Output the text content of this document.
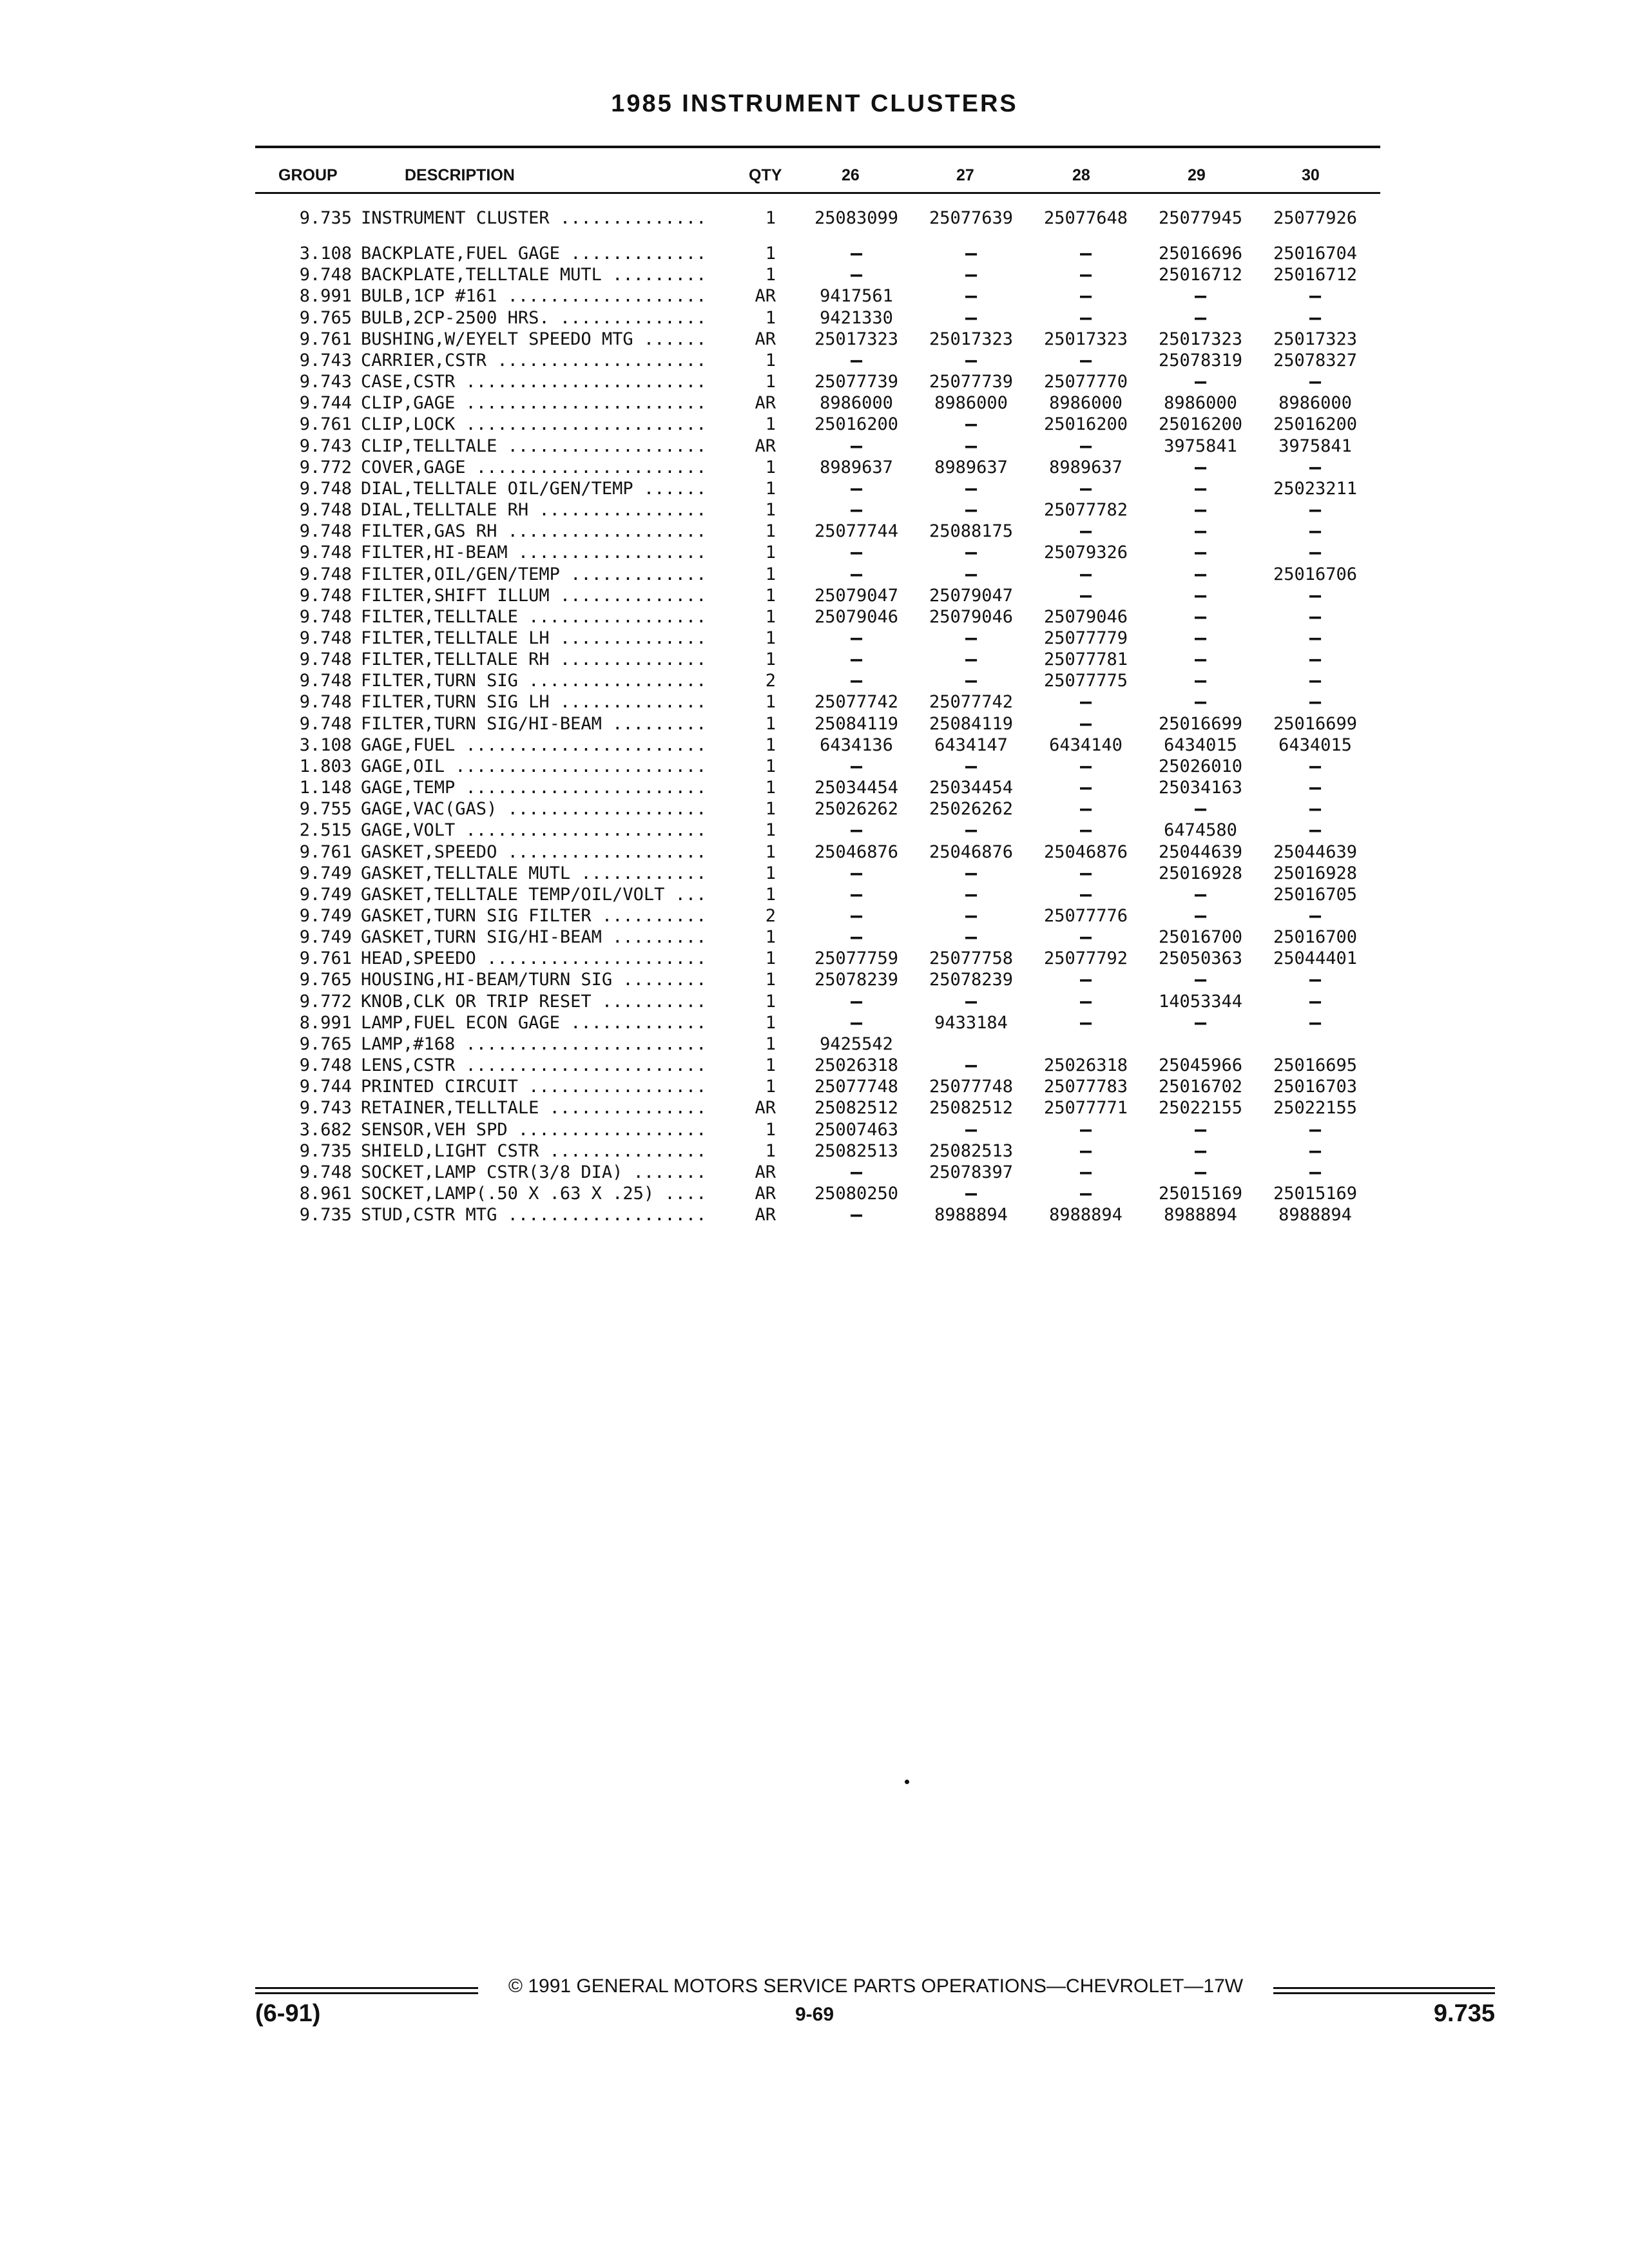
1985 INSTRUMENT CLUSTERS
GROUP	DESCRIPTION	QTY	26	27	28	29	30
9.735 INSTRUMENT CLUSTER ..............	1	25083099	25077639	25077648	25077945	25077926
3.108 BACKPLATE,FUEL GAGE .............	1	—	—	—	25016696	25016704
9.748 BACKPLATE,TELLTALE MUTL .........	1	—	—	—	25016712	25016712
8.991 BULB,1CP #161 ...................	AR	9417561	—	—	—	—
9.765 BULB,2CP-2500 HRS. ..............	1	9421330	—	—	—	—
9.761 BUSHING,W/EYELT SPEEDO MTG ......	AR	25017323	25017323	25017323	25017323	25017323
9.743 CARRIER,CSTR ....................	1	—	—	—	25078319	25078327
9.743 CASE,CSTR .......................	1	25077739	25077739	25077770	—	—
9.744 CLIP,GAGE .......................	AR	8986000	8986000	8986000	8986000	8986000
9.761 CLIP,LOCK .......................	1	25016200	—	25016200	25016200	25016200
9.743 CLIP,TELLTALE ...................	AR	—	—	—	3975841	3975841
9.772 COVER,GAGE ......................	1	8989637	8989637	8989637	—	—
9.748 DIAL,TELLTALE OIL/GEN/TEMP ......	1	—	—	—	—	25023211
9.748 DIAL,TELLTALE RH ................	1	—	—	25077782	—	—
9.748 FILTER,GAS RH ...................	1	25077744	25088175	—	—	—
9.748 FILTER,HI-BEAM ..................	1	—	—	25079326	—	—
9.748 FILTER,OIL/GEN/TEMP .............	1	—	—	—	—	25016706
9.748 FILTER,SHIFT ILLUM ..............	1	25079047	25079047	—	—	—
9.748 FILTER,TELLTALE .................	1	25079046	25079046	25079046	—	—
9.748 FILTER,TELLTALE LH ..............	1	—	—	25077779	—	—
9.748 FILTER,TELLTALE RH ..............	1	—	—	25077781	—	—
9.748 FILTER,TURN SIG .................	2	—	—	25077775	—	—
9.748 FILTER,TURN SIG LH ..............	1	25077742	25077742	—	—	—
9.748 FILTER,TURN SIG/HI-BEAM .........	1	25084119	25084119	—	25016699	25016699
3.108 GAGE,FUEL .......................	1	6434136	6434147	6434140	6434015	6434015
1.803 GAGE,OIL ........................	1	—	—	—	25026010	—
1.148 GAGE,TEMP .......................	1	25034454	25034454	—	25034163	—
9.755 GAGE,VAC(GAS) ...................	1	25026262	25026262	—	—	—
2.515 GAGE,VOLT .......................	1	—	—	—	6474580	—
9.761 GASKET,SPEEDO ...................	1	25046876	25046876	25046876	25044639	25044639
9.749 GASKET,TELLTALE MUTL ............	1	—	—	—	25016928	25016928
9.749 GASKET,TELLTALE TEMP/OIL/VOLT ...	1	—	—	—	—	25016705
9.749 GASKET,TURN SIG FILTER ..........	2	—	—	25077776	—	—
9.749 GASKET,TURN SIG/HI-BEAM .........	1	—	—	—	25016700	25016700
9.761 HEAD,SPEEDO .....................	1	25077759	25077758	25077792	25050363	25044401
9.765 HOUSING,HI-BEAM/TURN SIG ........	1	25078239	25078239	—	—	—
9.772 KNOB,CLK OR TRIP RESET ..........	1	—	—	—	14053344	—
8.991 LAMP,FUEL ECON GAGE .............	1	—	9433184	—	—	—
9.765 LAMP,#168 .......................	1	9425542
9.748 LENS,CSTR .......................	1	25026318	—	25026318	25045966	25016695
9.744 PRINTED CIRCUIT .................	1	25077748	25077748	25077783	25016702	25016703
9.743 RETAINER,TELLTALE ...............	AR	25082512	25082512	25077771	25022155	25022155
3.682 SENSOR,VEH SPD ..................	1	25007463	—	—	—	—
9.735 SHIELD,LIGHT CSTR ...............	1	25082513	25082513	—	—	—
9.748 SOCKET,LAMP CSTR(3/8 DIA) .......	AR	—	25078397	—	—	—
8.961 SOCKET,LAMP(.50 X .63 X .25) ....	AR	25080250	—	—	25015169	25015169
9.735 STUD,CSTR MTG ...................	AR	—	8988894	8988894	8988894	8988894
© 1991 GENERAL MOTORS SERVICE PARTS OPERATIONS—CHEVROLET—17W
(6-91)	9-69	9.735
